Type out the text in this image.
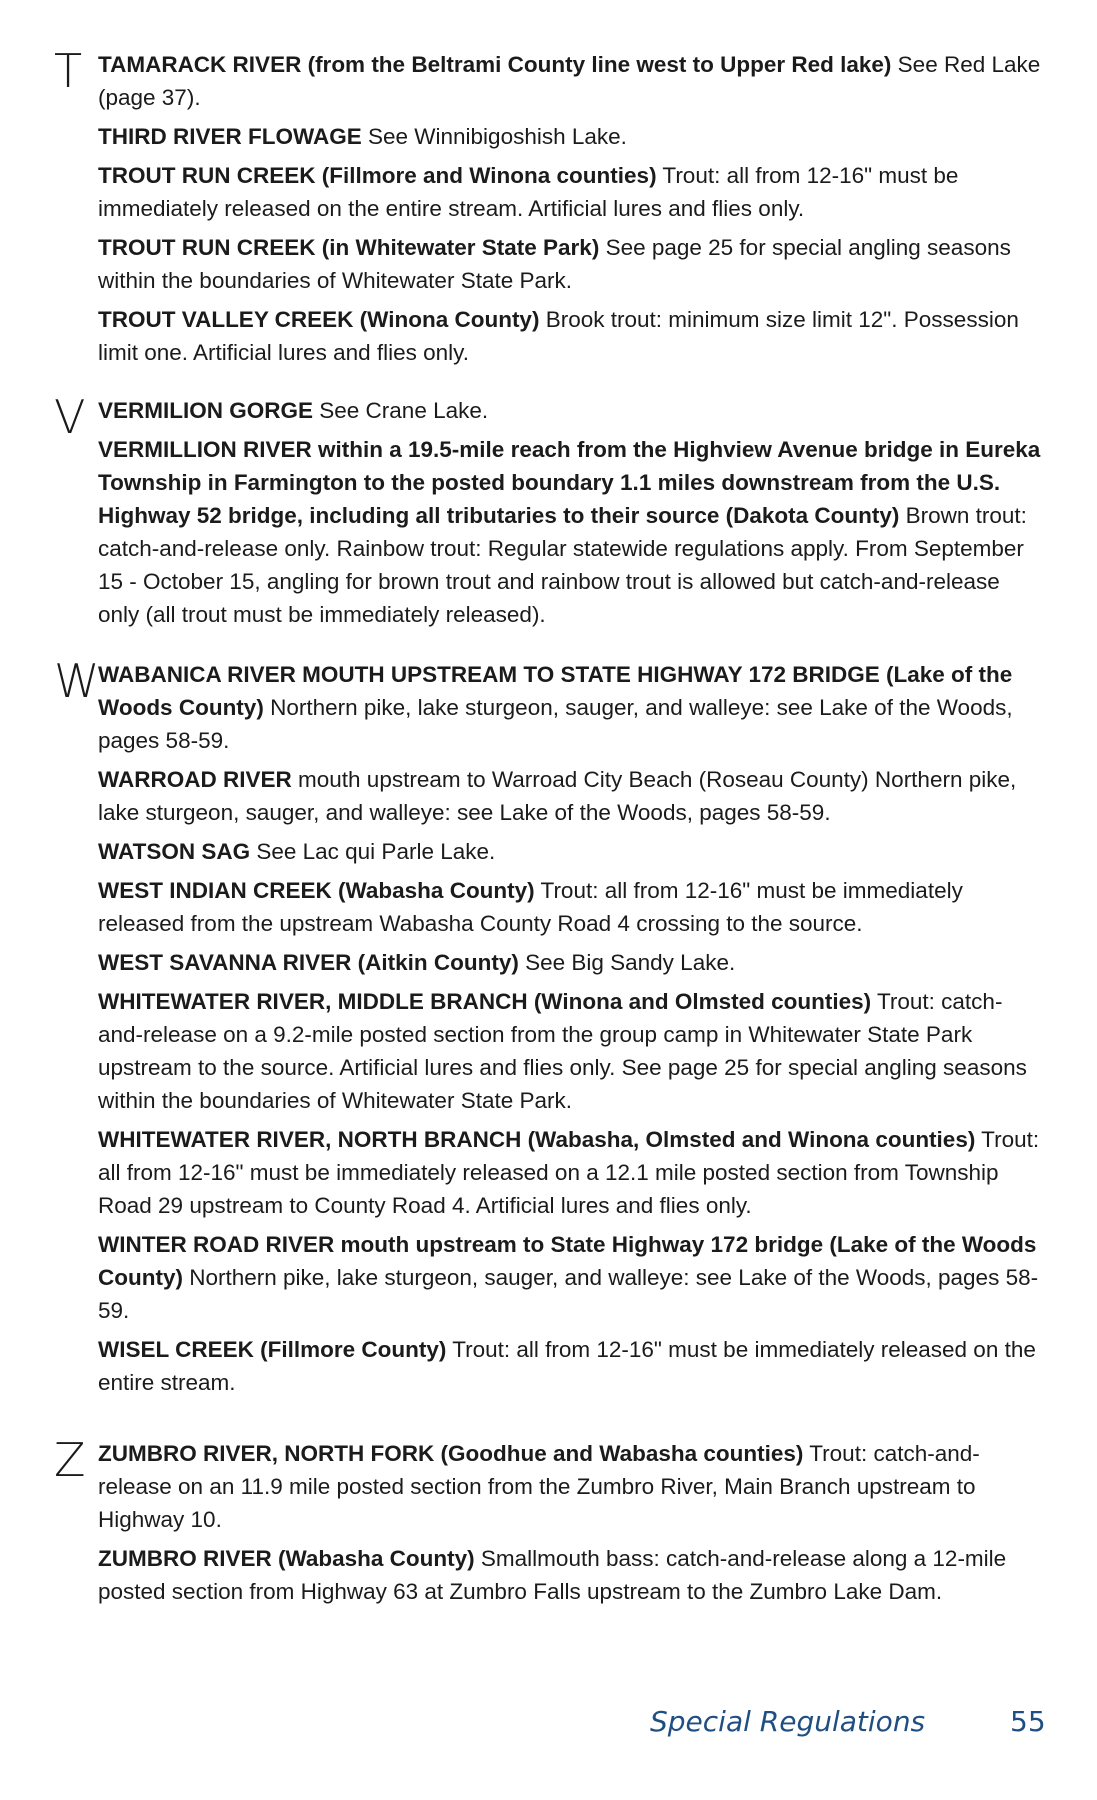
T TAMARACK RIVER (from the Beltrami County line west to Upper Red lake) See Red Lake (page 37).

THIRD RIVER FLOWAGE See Winnibigoshish Lake.

TROUT RUN CREEK (Fillmore and Winona counties) Trout: all from 12-16" must be immediately released on the entire stream. Artificial lures and flies only.

TROUT RUN CREEK (in Whitewater State Park) See page 25 for special angling seasons within the boundaries of Whitewater State Park.

TROUT VALLEY CREEK (Winona County) Brook trout: minimum size limit 12". Possession limit one. Artificial lures and flies only.

V VERMILION GORGE See Crane Lake.

VERMILLION RIVER within a 19.5-mile reach from the Highview Avenue bridge in Eureka Township in Farmington to the posted boundary 1.1 miles downstream from the U.S. Highway 52 bridge, including all tributaries to their source (Dakota County) Brown trout: catch-and-release only. Rainbow trout: Regular statewide regulations apply. From September 15 - October 15, angling for brown trout and rainbow trout is allowed but catch-and-release only (all trout must be immediately released).

W

WABANICA RIVER MOUTH UPSTREAM TO STATE HIGHWAY 172 BRIDGE (Lake of the Woods County) Northern pike, lake sturgeon, sauger, and walleye: see Lake of the Woods, pages 58-59.

WARROAD RIVER mouth upstream to Warroad City Beach (Roseau County) Northern pike, lake sturgeon, sauger, and walleye: see Lake of the Woods, pages 58-59.

WATSON SAG See Lac qui Parle Lake.

WEST INDIAN CREEK (Wabasha County) Trout: all from 12-16" must be immediately released from the upstream Wabasha County Road 4 crossing to the source.

WEST SAVANNA RIVER (Aitkin County) See Big Sandy Lake.

WHITEWATER RIVER, MIDDLE BRANCH (Winona and Olmsted counties) Trout: catch-and-release on a 9.2-mile posted section from the group camp in Whitewater State Park upstream to the source. Artificial lures and flies only. See page 25 for special angling seasons within the boundaries of Whitewater State Park.

WHITEWATER RIVER, NORTH BRANCH (Wabasha, Olmsted and Winona counties) Trout: all from 12-16" must be immediately released on a 12.1 mile posted section from Township Road 29 upstream to County Road 4. Artificial lures and flies only.

WINTER ROAD RIVER mouth upstream to State Highway 172 bridge (Lake of the Woods County) Northern pike, lake sturgeon, sauger, and walleye: see Lake of the Woods, pages 58-59.

WISEL CREEK (Fillmore County) Trout: all from 12-16" must be immediately released on the entire stream.

Z ZUMBRO RIVER, NORTH FORK (Goodhue and Wabasha counties) Trout: catch-and-release on an 11.9 mile posted section from the Zumbro River, Main Branch upstream to Highway 10.

ZUMBRO RIVER (Wabasha County) Smallmouth bass: catch-and-release along a 12-mile posted section from Highway 63 at Zumbro Falls upstream to the Zumbro Lake Dam.

Special Regulations	55
